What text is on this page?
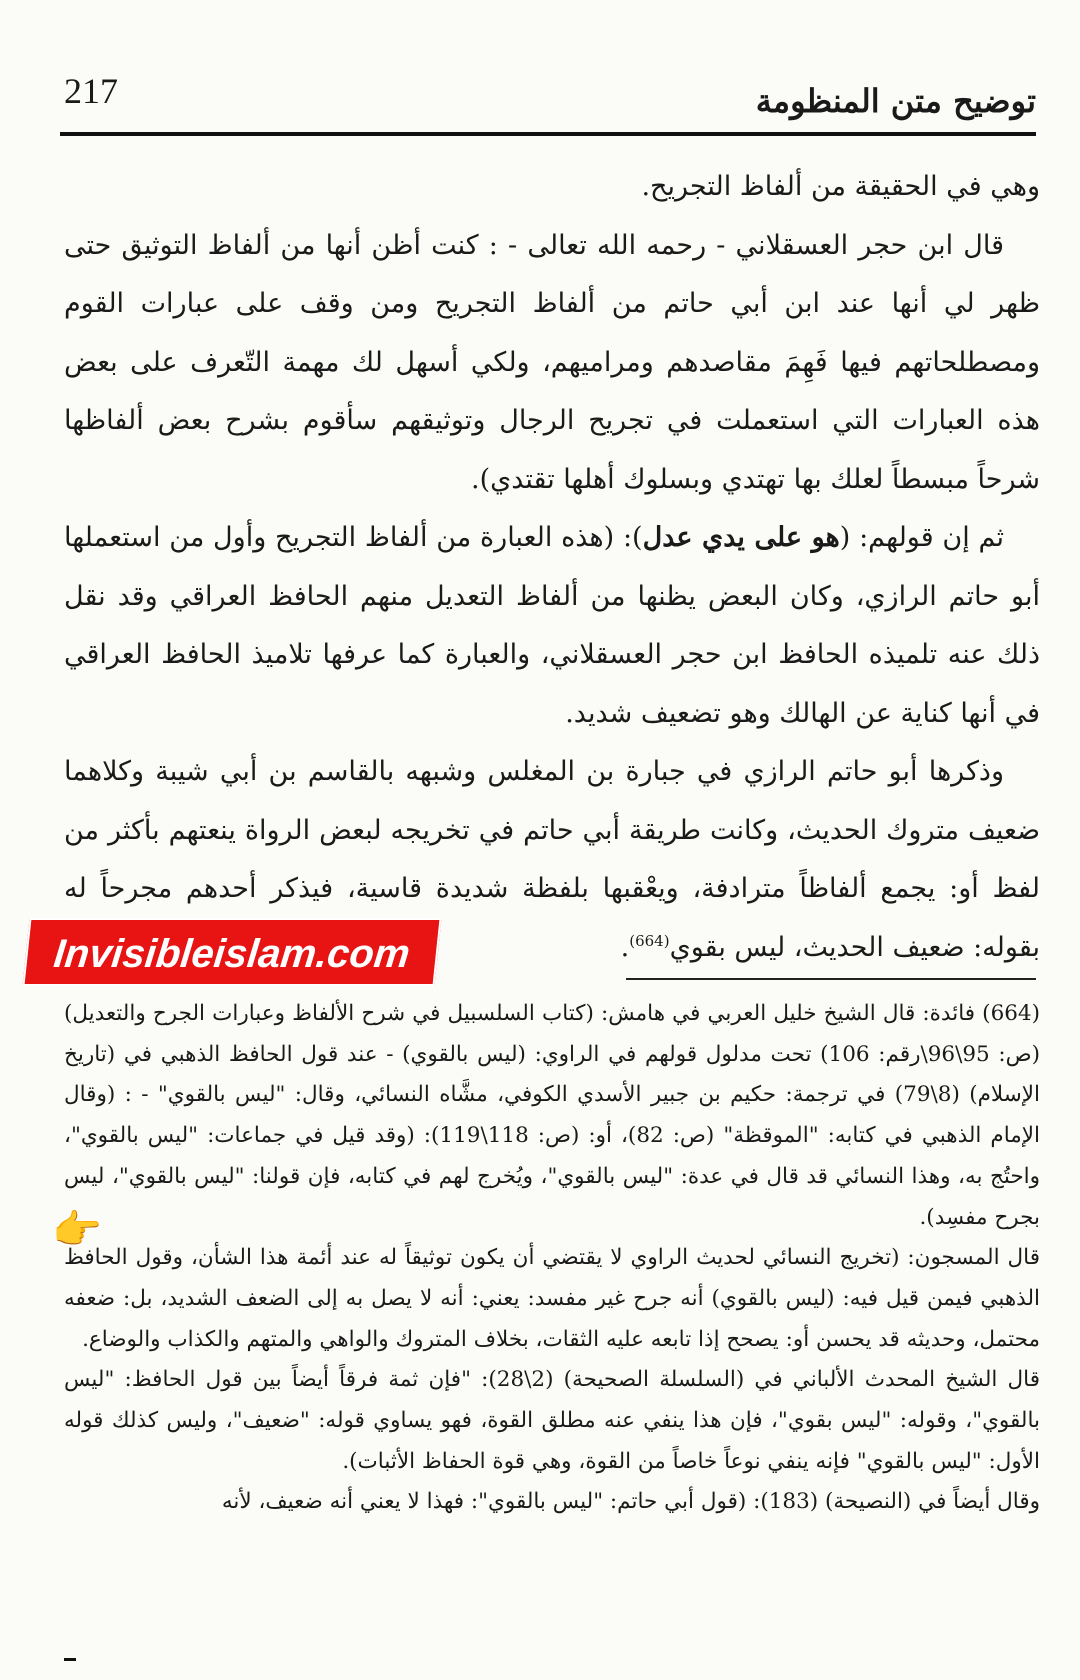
217	توضيح متن المنظومة

وهي في الحقيقة من ألفاظ التجريح.

قال ابن حجر العسقلاني - رحمه الله تعالى - : كنت أظن أنها من ألفاظ التوثيق حتى ظهر لي أنها عند ابن أبي حاتم من ألفاظ التجريح ومن وقف على عبارات القوم ومصطلحاتهم فيها فَهِمَ مقاصدهم ومراميهم، ولكي أسهل لك مهمة التّعرف على بعض هذه العبارات التي استعملت في تجريح الرجال وتوثيقهم سأقوم بشرح بعض ألفاظها شرحاً مبسطاً لعلك بها تهتدي وبسلوك أهلها تقتدي).

ثم إن قولهم: (هو على يدي عدل): (هذه العبارة من ألفاظ التجريح وأول من استعملها أبو حاتم الرازي، وكان البعض يظنها من ألفاظ التعديل منهم الحافظ العراقي وقد نقل ذلك عنه تلميذه الحافظ ابن حجر العسقلاني، والعبارة كما عرفها تلاميذ الحافظ العراقي في أنها كناية عن الهالك وهو تضعيف شديد.

وذكرها أبو حاتم الرازي في جبارة بن المغلس وشبهه بالقاسم بن أبي شيبة وكلاهما ضعيف متروك الحديث، وكانت طريقة أبي حاتم في تخريجه لبعض الرواة ينعتهم بأكثر من لفظ أو: يجمع ألفاظاً مترادفة، ويعْقبها بلفظة شديدة قاسية، فيذكر أحدهم مجرحاً له بقوله: ضعيف الحديث، ليس بقوي$^{(664)}$.

Invisibleislam.com

(664) فائدة: قال الشيخ خليل العربي في هامش: (كتاب السلسبيل في شرح الألفاظ وعبارات الجرح والتعديل) (ص: 95\96\رقم: 106) تحت مدلول قولهم في الراوي: (ليس بالقوي) - عند قول الحافظ الذهبي في (تاريخ الإسلام) (8\79) في ترجمة: حكيم بن جبير الأسدي الكوفي، مشَّاه النسائي، وقال: "ليس بالقوي" - : (وقال الإمام الذهبي في كتابه: "الموقظة" (ص: 82)، أو: (ص: 118\119): (وقد قيل في جماعات: "ليس بالقوي"، واحتُج به، وهذا النسائي قد قال في عدة: "ليس بالقوي"، ويُخرج لهم في كتابه، فإن قولنا: "ليس بالقوي"، ليس بجرح مفسِد).

قال المسجون: (تخريج النسائي لحديث الراوي لا يقتضي أن يكون توثيقاً له عند أئمة هذا الشأن، وقول الحافظ الذهبي فيمن قيل فيه: (ليس بالقوي) أنه جرح غير مفسد: يعني: أنه لا يصل به إلى الضعف الشديد، بل: ضعفه محتمل، وحديثه قد يحسن أو: يصحح إذا تابعه عليه الثقات، بخلاف المتروك والواهي والمتهم والكذاب والوضاع.

قال الشيخ المحدث الألباني في (السلسلة الصحيحة) (2\28): "فإن ثمة فرقاً أيضاً بين قول الحافظ: "ليس بالقوي"، وقوله: "ليس بقوي"، فإن هذا ينفي عنه مطلق القوة، فهو يساوي قوله: "ضعيف"، وليس كذلك قوله الأول: "ليس بالقوي" فإنه ينفي نوعاً خاصاً من القوة، وهي قوة الحفاظ الأثبات).

وقال أيضاً في (النصيحة) (183): (قول أبي حاتم: "ليس بالقوي": فهذا لا يعني أنه ضعيف، لأنه

👉
